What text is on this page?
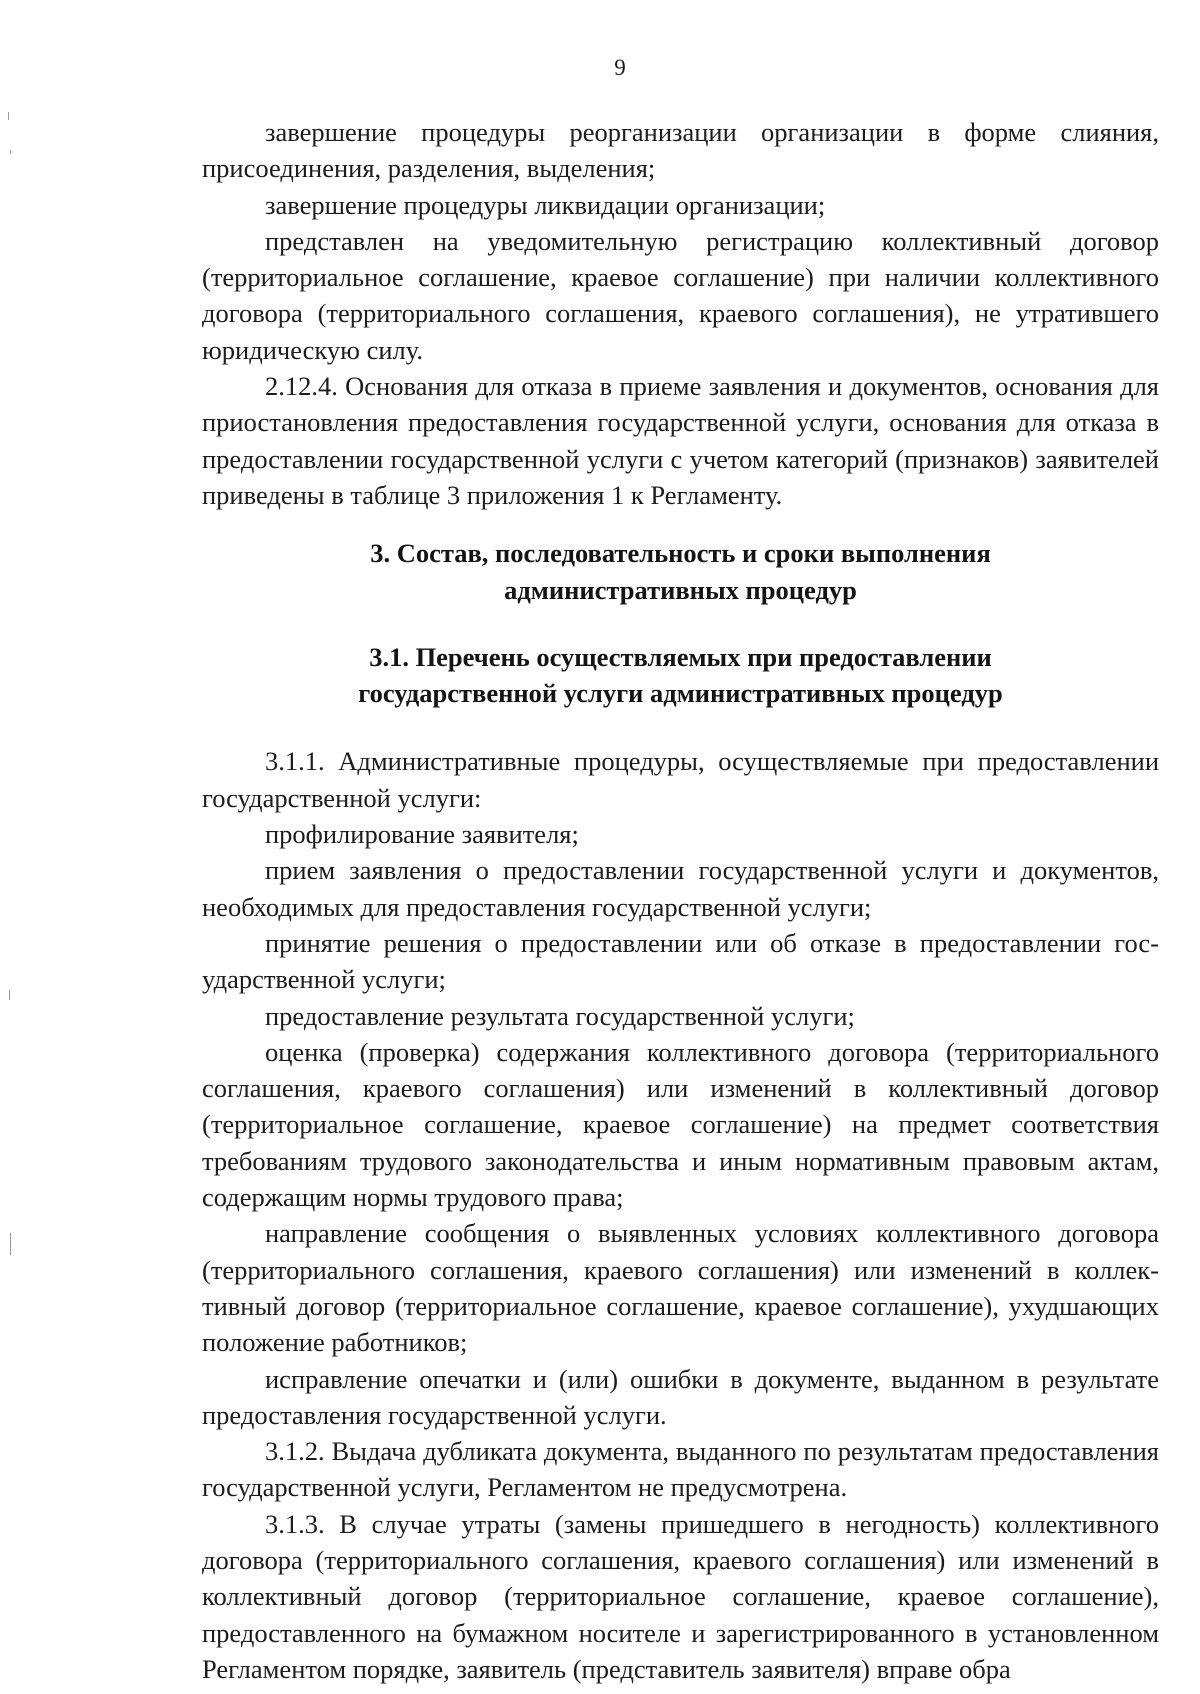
9

завершение процедуры реорганизации организации в форме слияния, присоединения, разделения, выделения;

завершение процедуры ликвидации организации;

представлен на уведомительную регистрацию коллективный договор (территориальное соглашение, краевое соглашение) при наличии коллективного договора (территориального соглашения, краевого соглашения), не утратившего юридическую силу.

2.12.4. Основания для отказа в приеме заявления и документов, основания для приостановления предоставления государственной услуги, основания для отказа в предоставлении государственной услуги с учетом категорий (признаков) заявителей приведены в таблице 3 приложения 1 к Регламенту.

3. Состав, последовательность и сроки выполнения
административных процедур
3.1. Перечень осуществляемых при предоставлении
государственной услуги административных процедур

3.1.1. Административные процедуры, осуществляемые при предоставлении государственной услуги:

профилирование заявителя;

прием заявления о предоставлении государственной услуги и документов, необходимых для предоставления государственной услуги;

принятие решения о предоставлении или об отказе в предоставлении государственной услуги;

предоставление результата государственной услуги;

оценка (проверка) содержания коллективного договора (территориального соглашения, краевого соглашения) или изменений в коллективный договор (территориальное соглашение, краевое соглашение) на предмет соответствия требованиям трудового законодательства и иным нормативным правовым актам, содержащим нормы трудового права;

направление сообщения о выявленных условиях коллективного договора (территориального соглашения, краевого соглашения) или изменений в коллективный договор (территориальное соглашение, краевое соглашение), ухудшающих положение работников;

исправление опечатки и (или) ошибки в документе, выданном в результате предоставления государственной услуги.

3.1.2. Выдача дубликата документа, выданного по результатам предоставления государственной услуги, Регламентом не предусмотрена.

3.1.3. В случае утраты (замены пришедшего в негодность) коллективного договора (территориального соглашения, краевого соглашения) или изменений в коллективный договор (территориальное соглашение, краевое соглашение), предоставленного на бумажном носителе и зарегистрированного в установленном Регламентом порядке, заявитель (представитель заявителя) вправе обра
